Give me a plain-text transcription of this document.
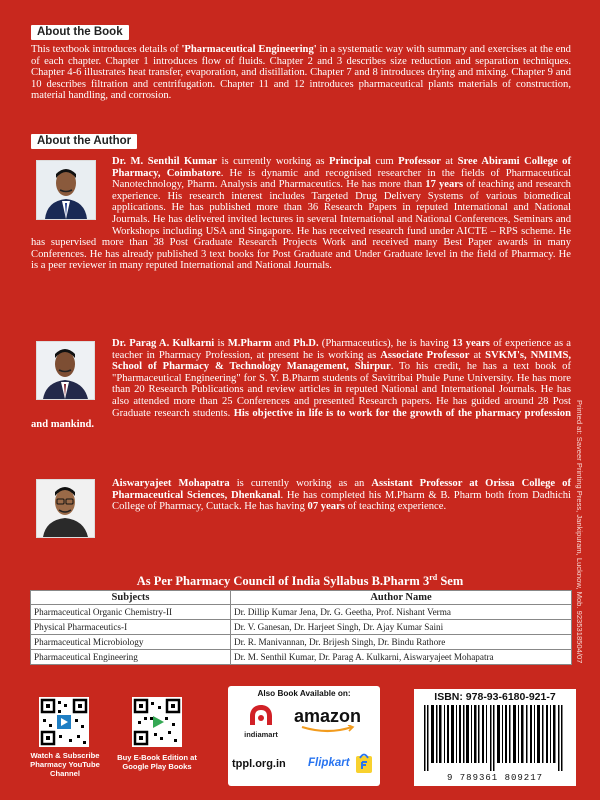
About the Book
This textbook introduces details of 'Pharmaceutical Engineering' in a systematic way with summary and exercises at the end of each chapter. Chapter 1 introduces flow of fluids. Chapter 2 and 3 describes size reduction and separation techniques. Chapter 4-6 illustrates heat transfer, evaporation, and distillation. Chapter 7 and 8 introduces drying and mixing. Chapter 9 and 10 describes filtration and centrifugation. Chapter 11 and 12 introduces pharmaceutical plants materials of construction, material handling, and corrosion.
About the Author
Dr. M. Senthil Kumar is currently working as Principal cum Professor at Sree Abirami College of Pharmacy, Coimbatore. He is dynamic and recognised researcher in the fields of Pharmaceutical Nanotechnology, Pharm. Analysis and Pharmaceutics. He has more than 17 years of teaching and research experience. His research interest includes Targeted Drug Delivery Systems of various biomedical applications. He has published more than 36 Research Papers in reputed International and National Journals. He has delivered invited lectures in several International and National Conferences, Seminars and Workshops including USA and Singapore. He has received research fund under AICTE – RPS scheme. He has supervised more than 38 Post Graduate Research Projects Work and received many Best Paper awards in many Conferences. He has already published 3 text books for Post Graduate and Under Graduate level in the field of Pharmacy. He is a peer reviewer in many reputed International and National Journals.
Dr. Parag A. Kulkarni is M.Pharm and Ph.D. (Pharmaceutics), he is having 13 years of experience as a teacher in Pharmacy Profession, at present he is working as Associate Professor at SVKM's, NMIMS, School of Pharmacy & Technology Management, Shirpur. To his credit, he has a text book of "Pharmaceutical Engineering" for S. Y. B.Pharm students of Savitribai Phule Pune University. He has more than 20 Research Publications and review articles in reputed National and International Journals. He has also attended more than 25 Conferences and presented Research papers. He has guided around 28 Post Graduate research students. His objective in life is to work for the growth of the pharmacy profession and mankind.
Aiswaryajeet Mohapatra is currently working as an Assistant Professor at Orissa College of Pharmaceutical Sciences, Dhenkanal. He has completed his M.Pharm & B. Pharm both from Dadhichi College of Pharmacy, Cuttack. He has having 07 years of teaching experience.	Printed at: Saveer Printing Press, Jankipuram, Lucknow, Mob. 9235318504/07
As Per Pharmacy Council of India Syllabus B.Pharm 3rd Sem
Subjects	Author Name
Pharmaceutical Organic Chemistry-II	Dr. Dillip Kumar Jena, Dr. G. Geetha, Prof. Nishant Verma
Physical Pharmaceutics-I	Dr. V. Ganesan, Dr. Harjeet Singh, Dr. Ajay Kumar Saini
Pharmaceutical Microbiology	Dr. R. Manivannan, Dr. Brijesh Singh, Dr. Bindu Rathore
Pharmaceutical Engineering	Dr. M. Senthil Kumar, Dr. Parag A. Kulkarni, Aiswaryajeet Mohapatra
Watch & Subscribe Pharmacy YouTube Channel
Buy E-Book Edition at Google Play Books
Also Book Available on:
indiamart
amazon
tppl.org.in	Flipkart
ISBN: 978-93-6180-921-7
9 789361 809217
